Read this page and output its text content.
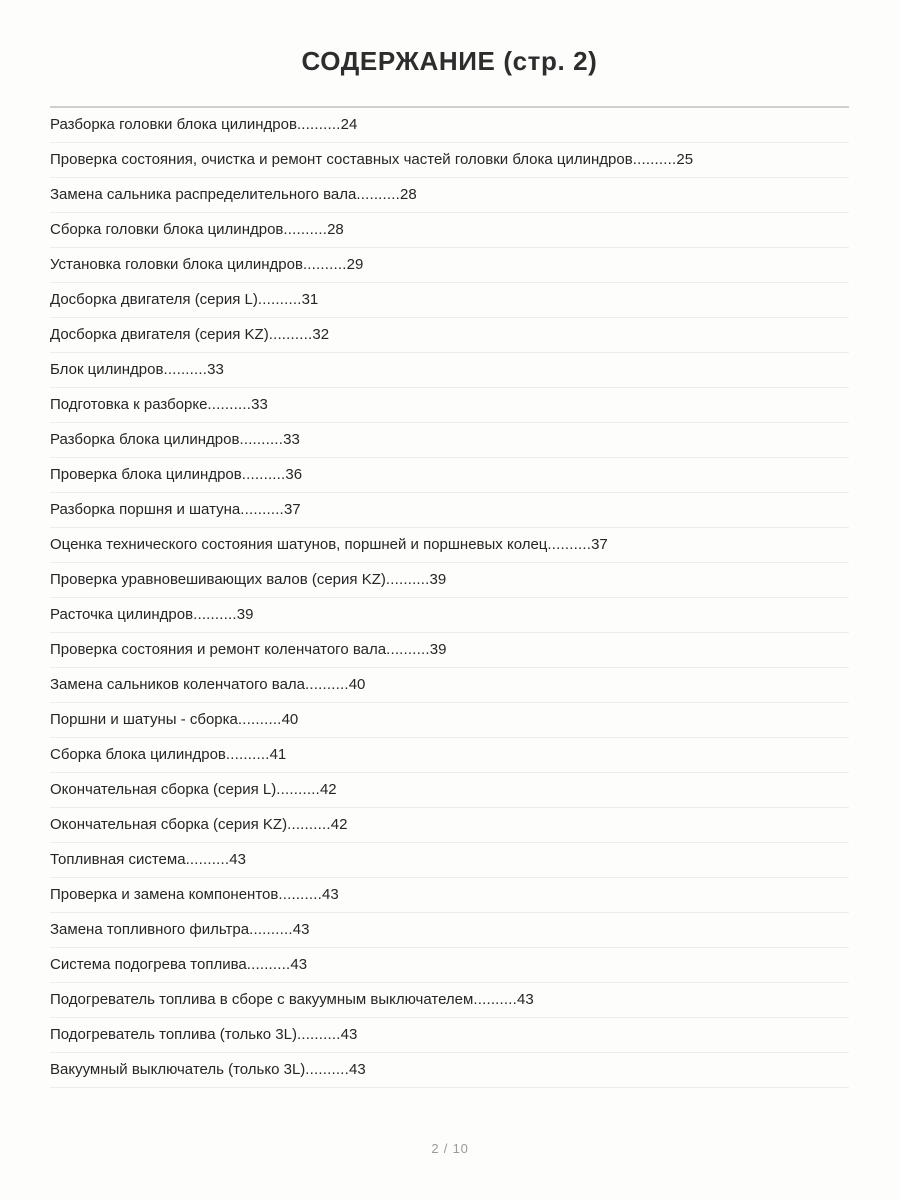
СОДЕРЖАНИЕ (стр. 2)
Разборка головки блока цилиндров..........24
Проверка состояния, очистка и ремонт составных частей головки блока цилиндров..........25
Замена сальника распределительного вала..........28
Сборка головки блока цилиндров..........28
Установка головки блока цилиндров..........29
Досборка двигателя (серия L)..........31
Досборка двигателя (серия KZ)..........32
Блок цилиндров..........33
Подготовка к разборке..........33
Разборка блока цилиндров..........33
Проверка блока цилиндров..........36
Разборка поршня и шатуна..........37
Оценка технического состояния шатунов, поршней и поршневых колец..........37
Проверка уравновешивающих валов (серия KZ)..........39
Расточка цилиндров..........39
Проверка состояния и ремонт коленчатого вала..........39
Замена сальников коленчатого вала..........40
Поршни и шатуны - сборка..........40
Сборка блока цилиндров..........41
Окончательная сборка (серия L)..........42
Окончательная сборка (серия KZ)..........42
Топливная система..........43
Проверка и замена компонентов..........43
Замена топливного фильтра..........43
Система подогрева топлива..........43
Подогреватель топлива в сборе с вакуумным выключателем..........43
Подогреватель топлива (только 3L)..........43
Вакуумный выключатель (только 3L)..........43
2 / 10
